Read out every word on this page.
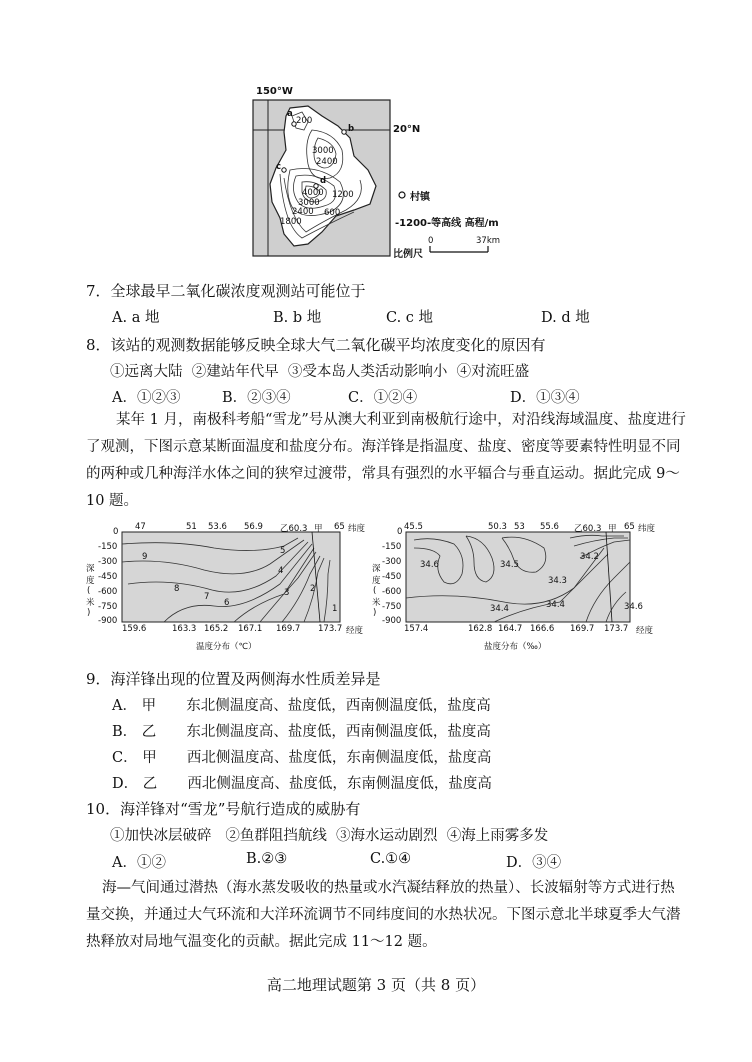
150°W
20°N
200
3000
2400
1200
600
4000
3000
2400
1800
a
b
c
d
村镇
-1200-等高线 高程/m
比例尺
0	37km
7．全球最早二氧化碳浓度观测站可能位于
A. a 地	B. b 地	C. c 地	D. d 地
8．该站的观测数据能够反映全球大气二氧化碳平均浓度变化的原因有
①远离大陆  ②建站年代早  ③受本岛人类活动影响小  ④对流旺盛
A．①②③	B．②③④	C．①②④	D．①③④
某年 1 月，南极科考船“雪龙”号从澳大利亚到南极航行途中，对沿线海域温度、盐度进行了观测，下图示意某断面温度和盐度分布。海洋锋是指温度、盐度、密度等要素特性明显不同的两种或几种海洋水体之间的狭窄过渡带，常具有强烈的水平辐合与垂直运动。据此完成 9～10 题。
47	51 53.6 56.9 乙60.3 甲 65 纬度
0
-150
-300
-450
-600
-750
-900
深
度
(
米
)
159.6	163.3 165.2 167.1 169.7 173.7 经度
9
8
7
6
5
4
3 2
1
温度分布（℃）
45.5	50.3 53 55.6 乙60.3 甲 65 纬度
0
-150
-300
-450
-600
-750
-900
深
度
(
米
)
157.4	162.8 164.7 166.6 169.7 173.7 经度
34.6	34.5
34.4
34.3
34.2
34.4	34.6
盐度分布（‰）
9．海洋锋出现的位置及两侧海水性质差异是
A． 甲 东北侧温度高、盐度低，西南侧温度低，盐度高
B． 乙 东北侧温度高、盐度低，西南侧温度低，盐度高
C． 甲 西北侧温度高、盐度低，东南侧温度低，盐度高
D． 乙 西北侧温度高、盐度低，东南侧温度低，盐度高
10．海洋锋对“雪龙”号航行造成的威胁有
①加快冰层破碎   ②鱼群阻挡航线  ③海水运动剧烈  ④海上雨雾多发
A．①②	B.②③	C.①④	D．③④
海—气间通过潜热（海水蒸发吸收的热量或水汽凝结释放的热量）、长波辐射等方式进行热量交换，并通过大气环流和大洋环流调节不同纬度间的水热状况。下图示意北半球夏季大气潜热释放对局地气温变化的贡献。据此完成 11～12 题。
高二地理试题第 3 页（共 8 页）
